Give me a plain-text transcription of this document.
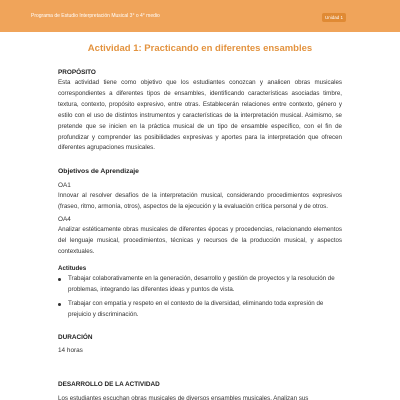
Programa de Estudio Interpretación Musical 3° o 4° medio	Unidad 1
Actividad 1: Practicando en diferentes ensambles
PROPÓSITO
Esta actividad tiene como objetivo que los estudiantes conozcan y analicen obras musicales correspondientes a diferentes tipos de ensambles, identificando características asociadas timbre, textura, contexto, propósito expresivo, entre otras. Establecerán relaciones entre contexto, género y estilo con el uso de distintos instrumentos y características de la interpretación musical. Asimismo, se pretende que se inicien en la práctica musical de un tipo de ensamble específico, con el fin de profundizar y comprender las posibilidades expresivas y aportes para la interpretación que ofrecen diferentes agrupaciones musicales.
Objetivos de Aprendizaje
OA1
Innovar al resolver desafíos de la interpretación musical, considerando procedimientos expresivos (fraseo, ritmo, armonía, otros), aspectos de la ejecución y la evaluación crítica personal y de otros.
OA4
Analizar estéticamente obras musicales de diferentes épocas y procedencias, relacionando elementos del lenguaje musical, procedimientos, técnicas y recursos de la producción musical, y aspectos contextuales.
Actitudes
Trabajar colaborativamente en la generación, desarrollo y gestión de proyectos y la resolución de problemas, integrando las diferentes ideas y puntos de vista.
Trabajar con empatía y respeto en el contexto de la diversidad, eliminando toda expresión de prejuicio y discriminación.
DURACIÓN
14 horas
DESARROLLO DE LA ACTIVIDAD
Los estudiantes escuchan obras musicales de diversos ensambles musicales. Analizan sus
